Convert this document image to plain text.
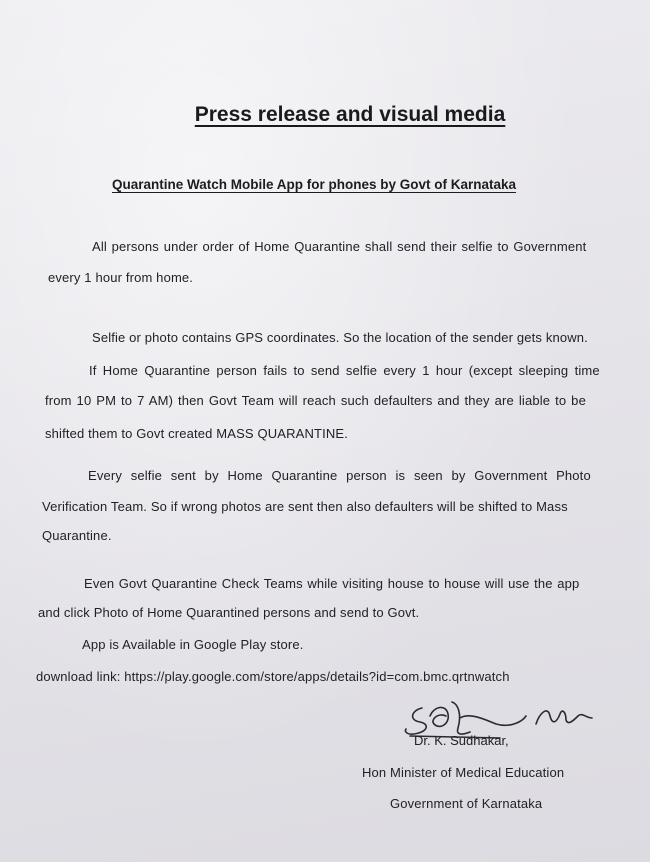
Press release and visual media
Quarantine Watch Mobile App for phones by Govt of Karnataka
All persons under order of Home Quarantine shall send their selfie to Government
every 1 hour from home.
Selfie or photo contains GPS coordinates. So the location of the sender gets known.
If Home Quarantine person fails to send selfie every 1 hour (except sleeping time
from 10 PM to 7 AM) then Govt Team will reach such defaulters and they are liable to be
shifted them to Govt created MASS QUARANTINE.
Every selfie sent by Home Quarantine person is seen by Government Photo
Verification Team. So if wrong photos are sent then also defaulters will be shifted to Mass
Quarantine.
Even Govt Quarantine Check Teams while visiting house to house will use the app
and click Photo of Home Quarantined persons and send to Govt.
App is Available in Google Play store.
download link: https://play.google.com/store/apps/details?id=com.bmc.qrtnwatch
Dr. K. Sudhakar,
Hon Minister of Medical Education
Government of Karnataka
